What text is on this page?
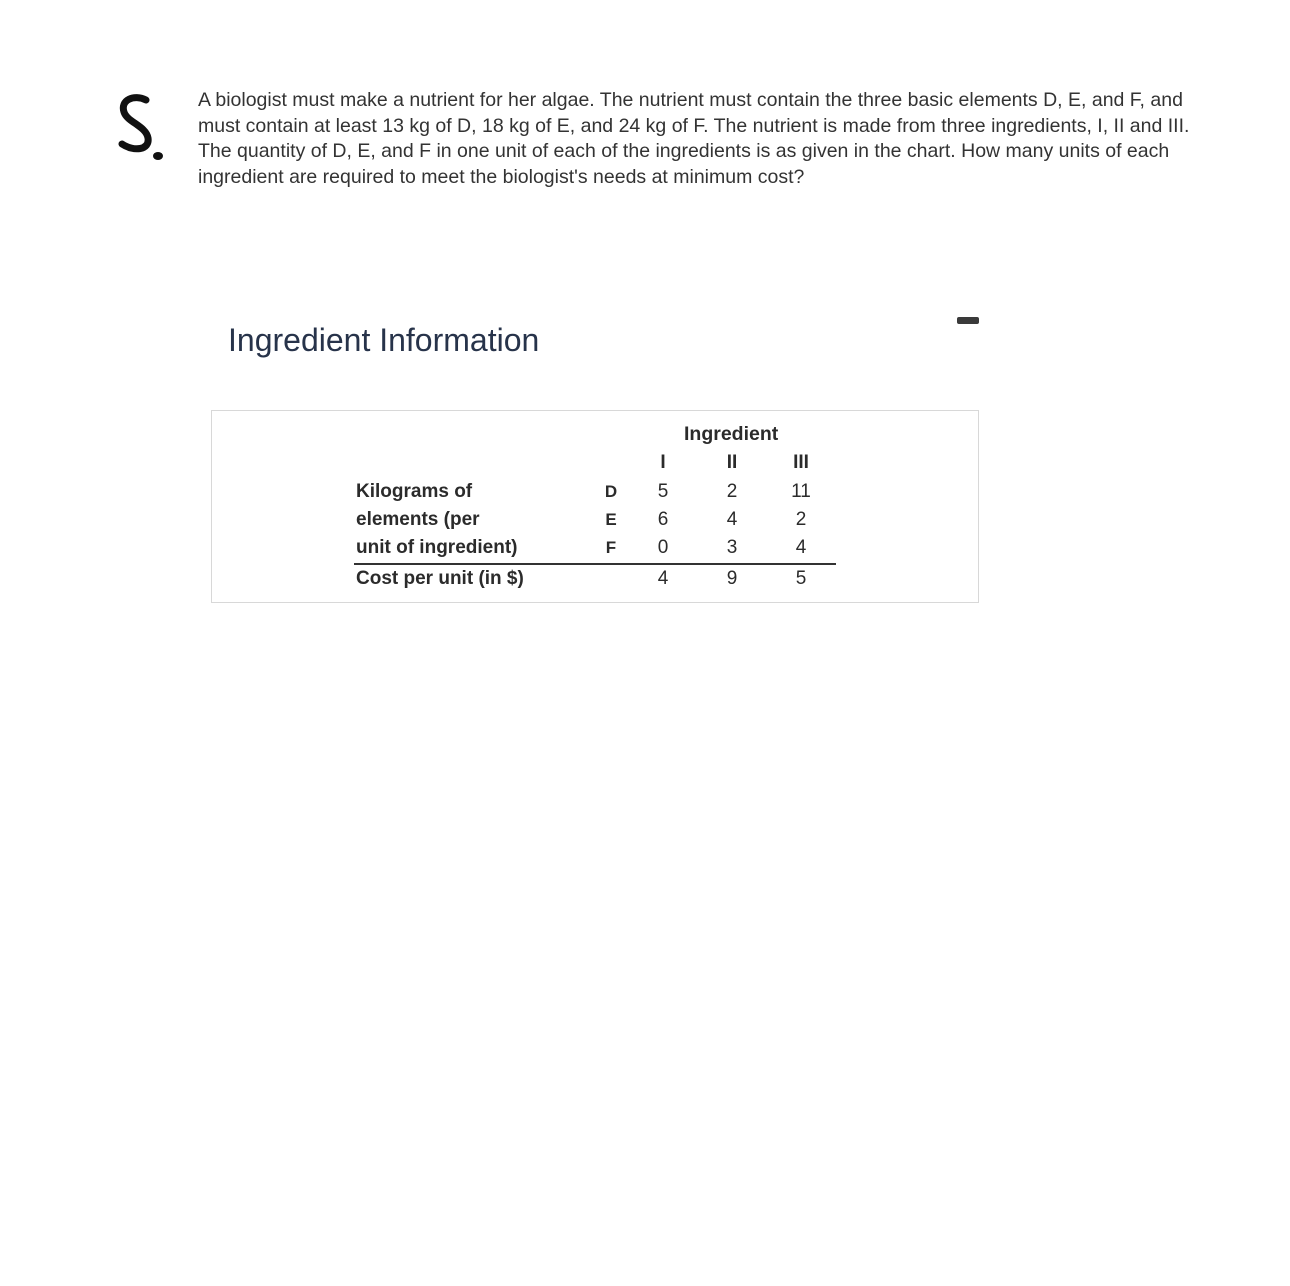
A biologist must make a nutrient for her algae. The nutrient must contain the three basic elements D, E, and F, and
must contain at least 13 kg of D, 18 kg of E, and 24 kg of F. The nutrient is made from three ingredients, I, II and III.
The quantity of D, E, and F in one unit of each of the ingredients is as given in the chart. How many units of each
ingredient are required to meet the biologist's needs at minimum cost?
Ingredient Information
Ingredient
I	II	III
Kilograms of
elements (per
unit of ingredient)
D	5	2	11
E	6	4	2
F	0	3	4
Cost per unit (in $)	4	9	5
